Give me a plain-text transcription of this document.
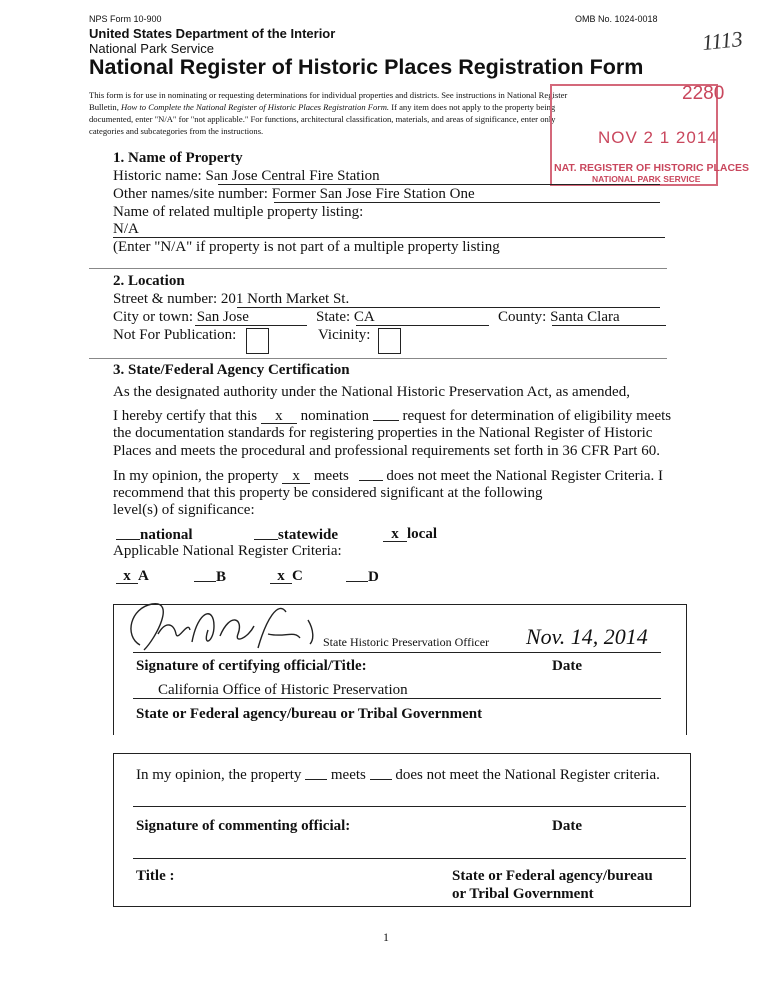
NPS Form 10-900	OMB No. 1024-0018
United States Department of the Interior
National Park Service
National Register of Historic Places Registration Form
1113
This form is for use in nominating or requesting determinations for individual properties and districts. See instructions in National Register
Bulletin, How to Complete the National Register of Historic Places Registration Form. If any item does not apply to the property being
documented, enter "N/A" for "not applicable." For functions, architectural classification, materials, and areas of significance, enter only
categories and subcategories from the instructions.
2280
NOV 2 1 2014
NAT. REGISTER OF HISTORIC PLACES
NATIONAL PARK SERVICE
1. Name of Property
Historic name: San Jose Central Fire Station
Other names/site number: Former San Jose Fire Station One
Name of related multiple property listing:
N/A
(Enter "N/A" if property is not part of a multiple property listing
2. Location
Street & number: 201 North Market St.
City or town: San Jose	State: CA	County: Santa Clara
Not For Publication:	Vicinity:
3. State/Federal Agency Certification
As the designated authority under the National Historic Preservation Act, as amended,
I hereby certify that this x nomination request for determination of eligibility meets
the documentation standards for registering properties in the National Register of Historic
Places and meets the procedural and professional requirements set forth in 36 CFR Part 60.
In my opinion, the property x meets	does not meet the National Register Criteria. I
recommend that this property be considered significant at the following
level(s) of significance:
national	statewide	x local
Applicable National Register Criteria:
x A	B	x C	D
State Historic Preservation Officer Nov. 14, 2014
Signature of certifying official/Title:	Date
California Office of Historic Preservation
State or Federal agency/bureau or Tribal Government
In my opinion, the property meets does not meet the National Register criteria.
Signature of commenting official:	Date
Title :	State or Federal agency/bureau
or Tribal Government
1
